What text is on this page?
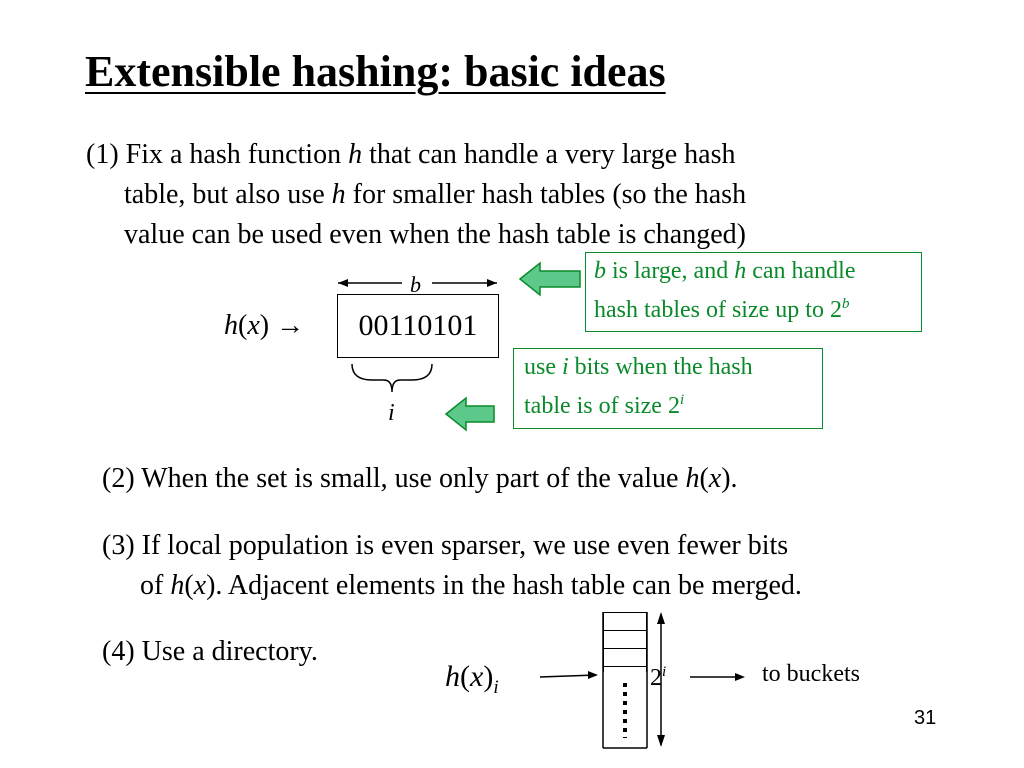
Extensible hashing: basic ideas
(1) Fix a hash function h that can handle a very large hash
table, but also use h for smaller hash tables (so the hash
value can be used even when the hash table is changed)
b
h(x) → 00110101
i
b is large, and h can handle
hash tables of size up to 2$^b$
use i bits when the hash
table is of size 2$^i$
(2) When the set is small, use only part of the value h(x).
(3) If local population is even sparser, we use even fewer bits
of h(x). Adjacent elements in the hash table can be merged.
(4) Use a directory.
$h(x)_i$	2$^i$	to buckets
31
